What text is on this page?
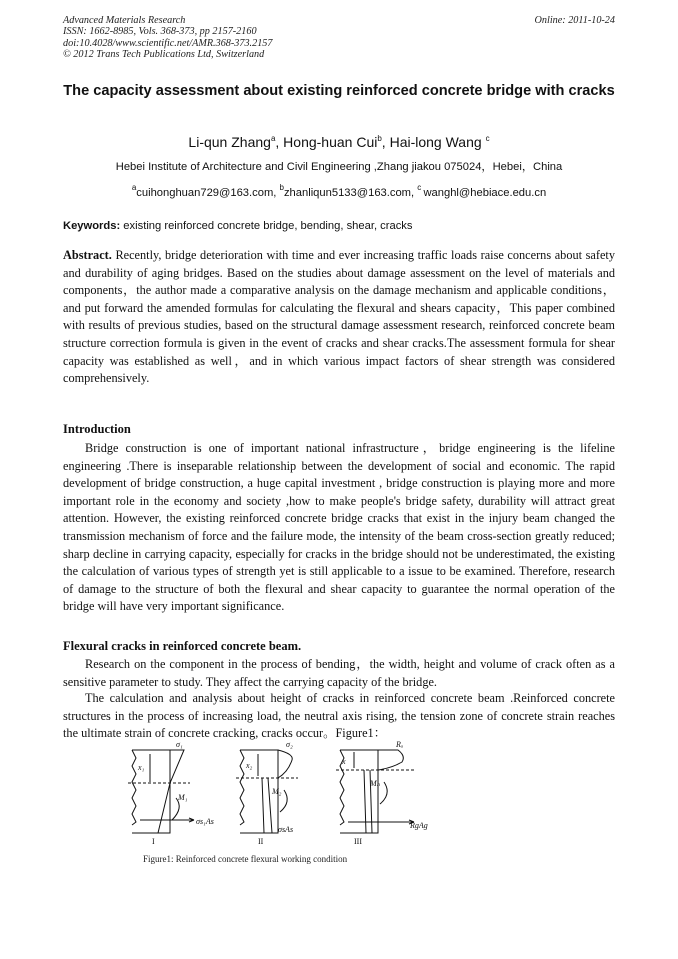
Advanced Materials Research
ISSN: 1662-8985, Vols. 368-373, pp 2157-2160
doi:10.4028/www.scientific.net/AMR.368-373.2157
© 2012 Trans Tech Publications Ltd, Switzerland
Online: 2011-10-24
The capacity assessment about existing reinforced concrete bridge with cracks
Li-qun Zhang$^a$, Hong-huan Cui$^b$, Hai-long Wang $^c$
Hebei Institute of Architecture and Civil Engineering ,Zhang jiakou 075024，Hebei，China
$^a$cuihonghuan729@163.com, $^b$zhanliqun5133@163.com, $^c$ wanghl@hebiace.edu.cn
Keywords: existing reinforced concrete bridge, bending, shear, cracks

Abstract. Recently, bridge deterioration with time and ever increasing traffic loads raise concerns about safety and durability of aging bridges. Based on the studies about damage assessment on the level of materials and components，the author made a comparative analysis on the damage mechanism and applicable conditions，and put forward the amended formulas for calculating the flexural and shears capacity，This paper combined with results of previous studies, based on the structural damage assessment research, reinforced concrete beam structure correction formula is given in the event of cracks and shear cracks.The assessment formula for shear capacity was established as well，and in which various impact factors of shear strength was considered comprehensively.

Introduction

Bridge construction is one of important national infrastructure，bridge engineering is the lifeline engineering .There is inseparable relationship between the development of social and economic. The rapid development of bridge construction, a huge capital investment , bridge construction is playing more and more important role in the economy and society ,how to make people's bridge safety, durability will attract great attention. However, the existing reinforced concrete bridge cracks that exist in the injury beam changed the transmission mechanism of force and the failure mode, the intensity of the beam cross-section greatly reduced; sharp decline in carrying capacity, especially for cracks in the bridge should not be underestimated, the existing the calculation of various types of strength yet is still applicable to a issue to be examined. Therefore, research of damage to the structure of both the flexural and shear capacity to guarantee the normal operation of the bridge will have very important significance.

Flexural cracks in reinforced concrete beam.

Research on the component in the process of bending，the width, height and volume of crack often as a sensitive parameter to study. They affect the carrying capacity of the bridge.

The calculation and analysis about height of cracks in reinforced concrete beam .Reinforced concrete structures in the process of increasing load, the neutral axis rising, the tension zone of concrete strain reaches the ultimate strain of concrete cracking, cracks occur。Figure1：

σ₁
x₁
M₁
σs₁As
I
σ₂
x₂
M₂
σsAs
II
Rₐ
x
Mₙ
RgAg
III
Figure1: Reinforced concrete flexural working condition
